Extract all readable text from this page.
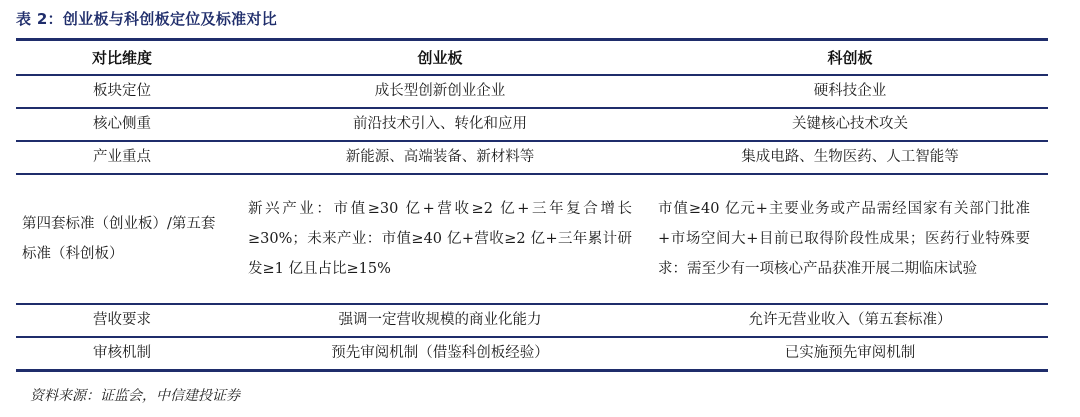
表 2：创业板与科创板定位及标准对比
对比维度	创业板	科创板
板块定位	成长型创新创业企业	硬科技企业
核心侧重	前沿技术引入、转化和应用	关键核心技术攻关
产业重点	新能源、高端装备、新材料等	集成电路、生物医药、人工智能等
第四套标准（创业板）/第五套标准（科创板）	新兴产业：市值≥30 亿+营收≥2 亿+三年复合增长≥30%；未来产业：市值≥40 亿+营收≥2 亿+三年累计研发≥1 亿且占比≥15%	市值≥40 亿元+主要业务或产品需经国家有关部门批准+市场空间大+目前已取得阶段性成果；医药行业特殊要求：需至少有一项核心产品获准开展二期临床试验
营收要求	强调一定营收规模的商业化能力	允许无营业收入（第五套标准）
审核机制	预先审阅机制（借鉴科创板经验）	已实施预先审阅机制
资料来源：证监会，中信建投证券
